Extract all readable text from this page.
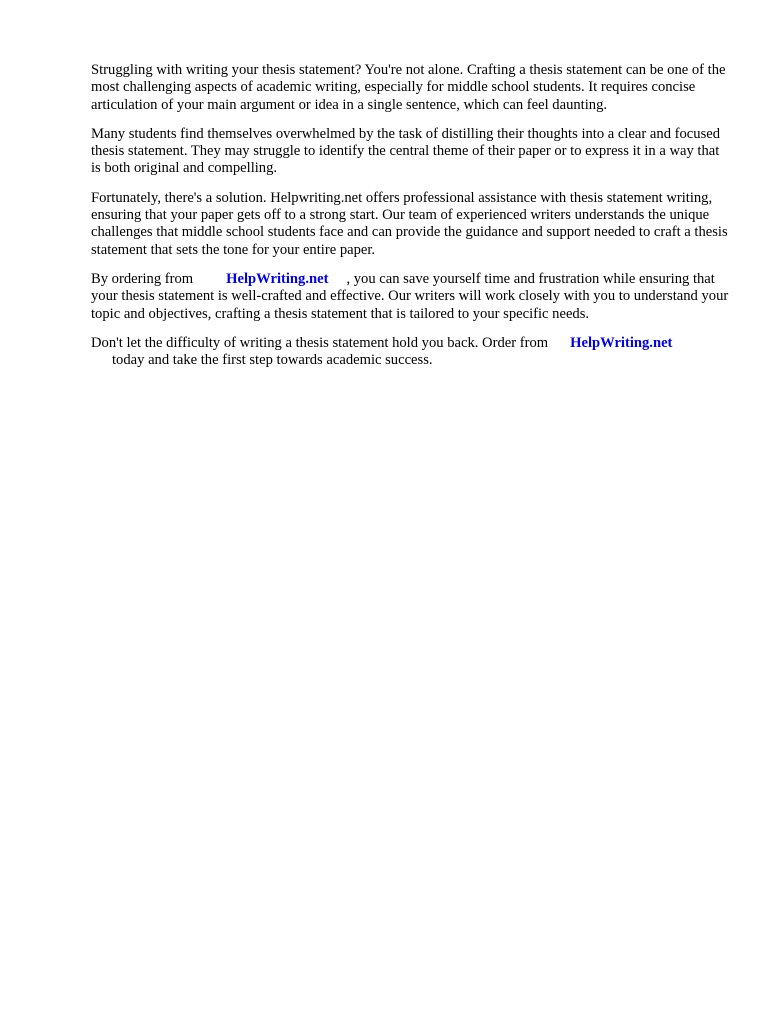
Struggling with writing your thesis statement? You're not alone. Crafting a thesis statement can be one of the most challenging aspects of academic writing, especially for middle school students. It requires concise articulation of your main argument or idea in a single sentence, which can feel daunting.

Many students find themselves overwhelmed by the task of distilling their thoughts into a clear and focused thesis statement. They may struggle to identify the central theme of their paper or to express it in a way that is both original and compelling.

Fortunately, there's a solution. Helpwriting.net offers professional assistance with thesis statement writing, ensuring that your paper gets off to a strong start. Our team of experienced writers understands the unique challenges that middle school students face and can provide the guidance and support needed to craft a thesis statement that sets the tone for your entire paper.

By ordering from HelpWriting.net , you can save yourself time and frustration while ensuring that your thesis statement is well-crafted and effective. Our writers will work closely with you to understand your topic and objectives, crafting a thesis statement that is tailored to your specific needs.

Don't let the difficulty of writing a thesis statement hold you back. Order from HelpWriting.net
today and take the first step towards academic success.
